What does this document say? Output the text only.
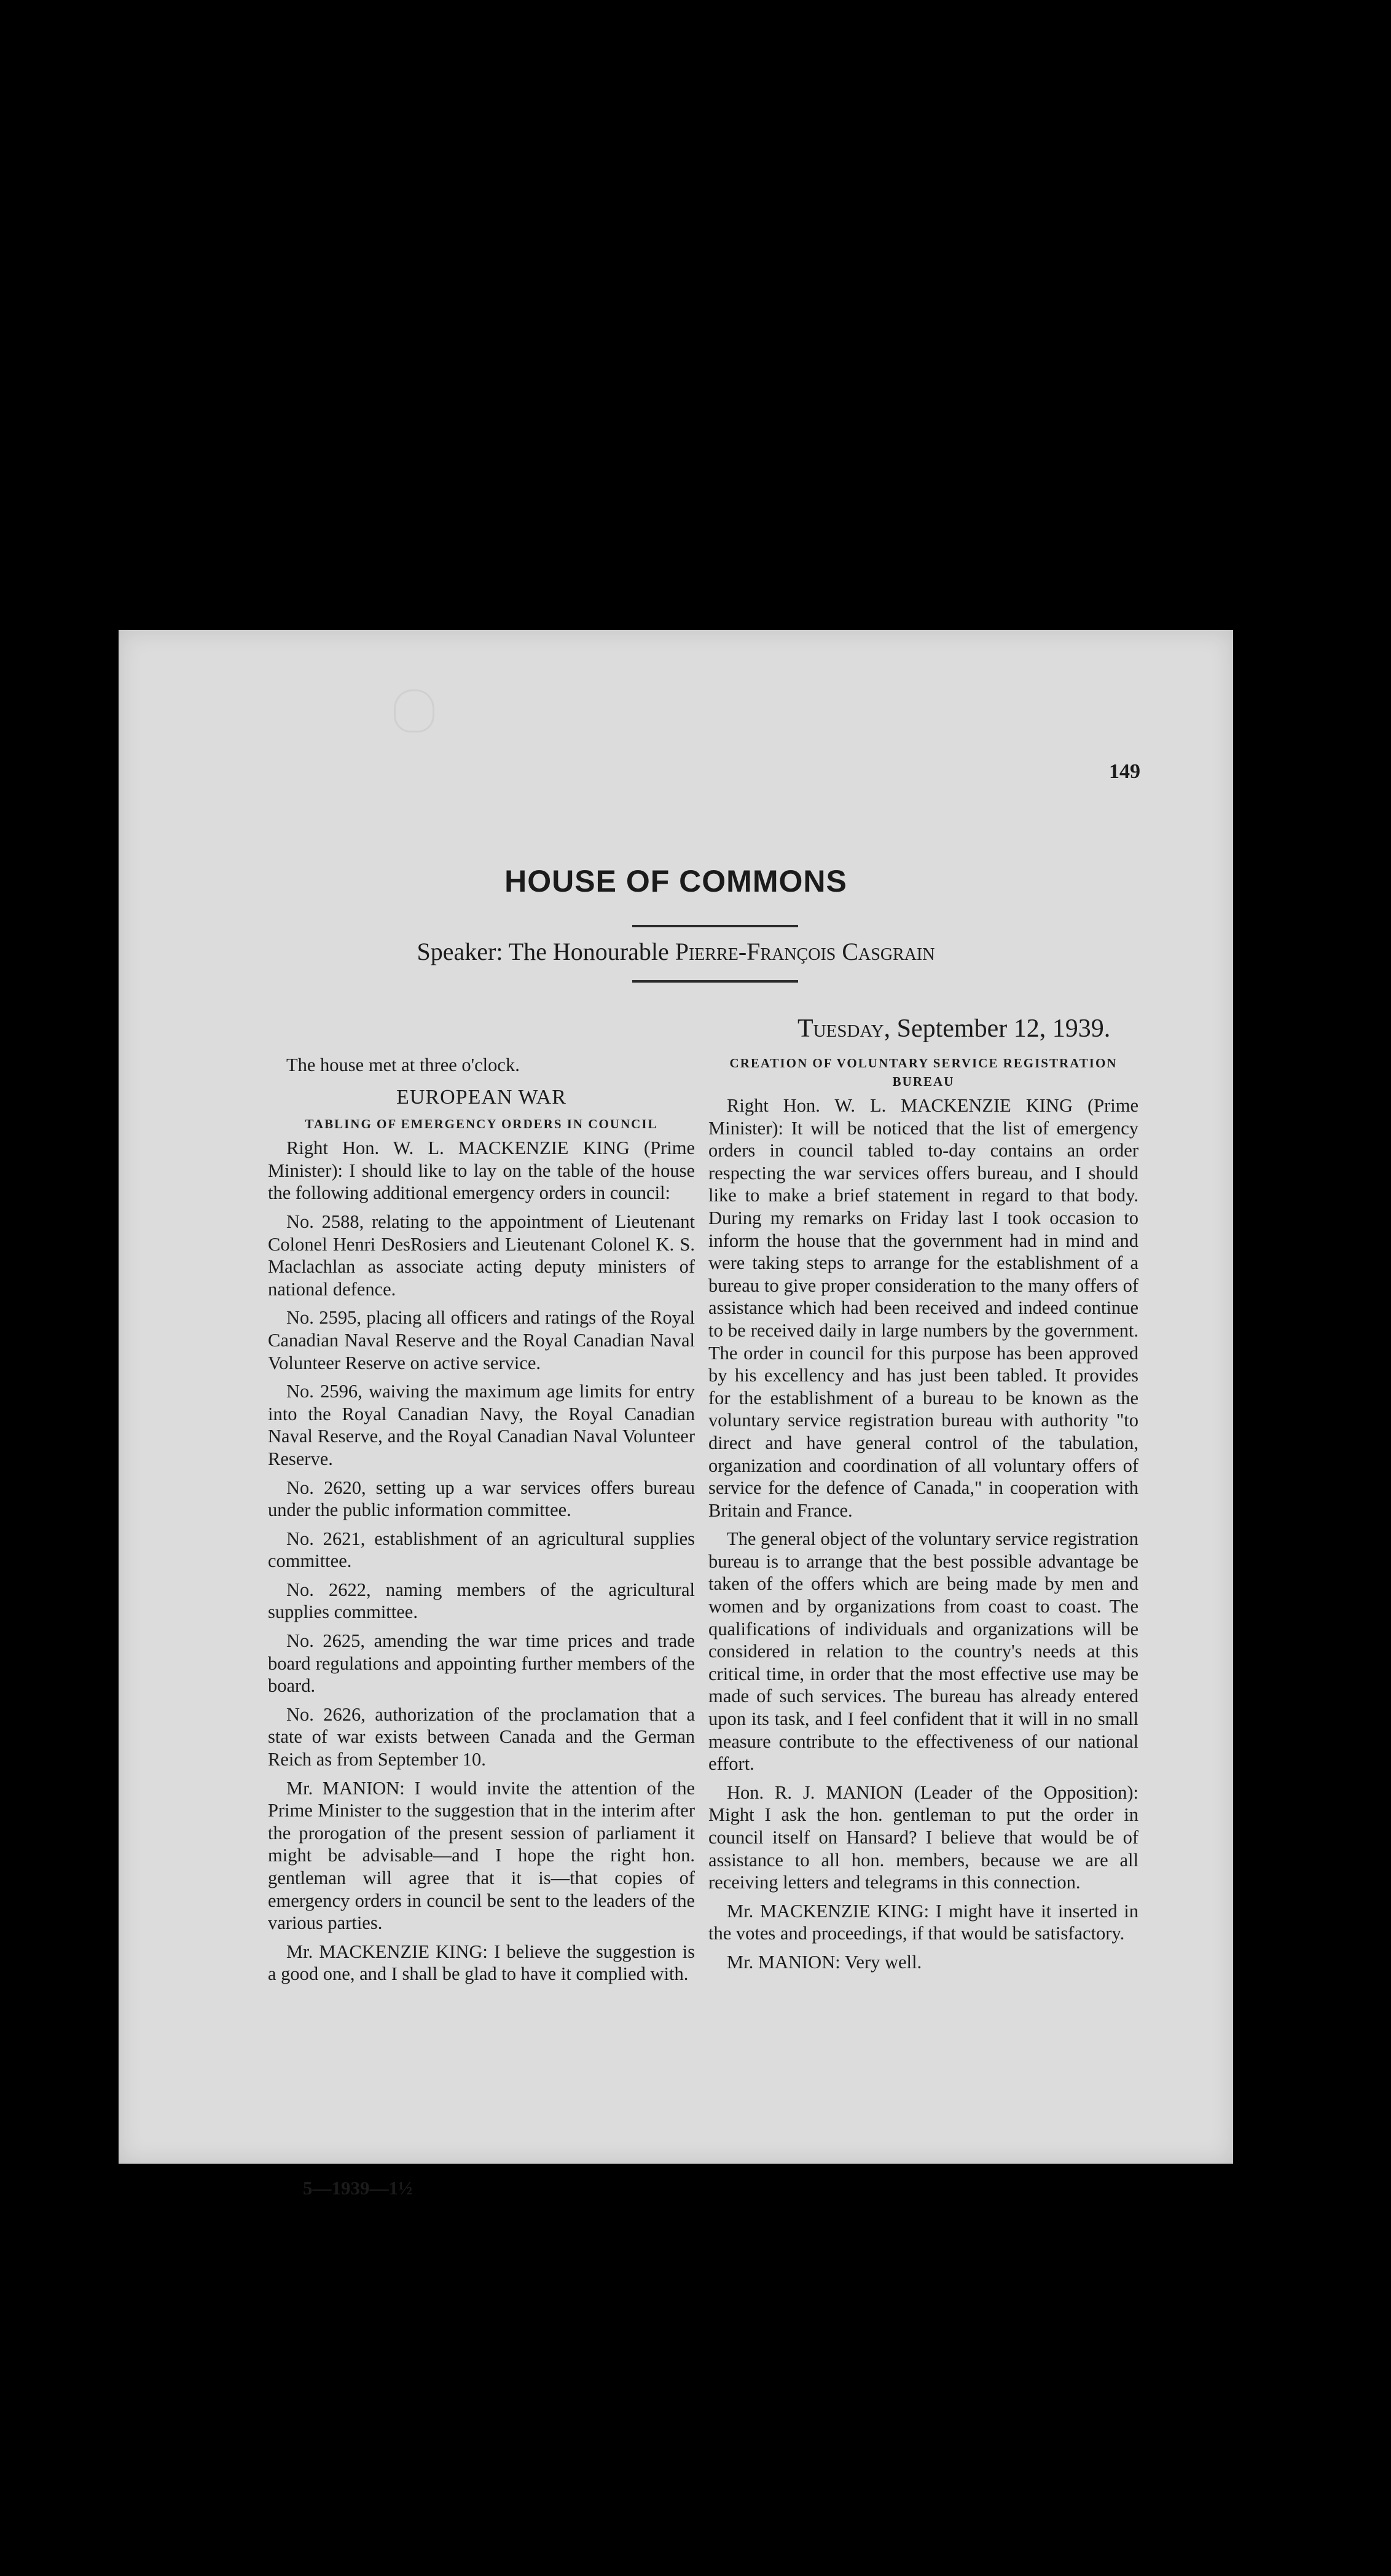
149
HOUSE OF COMMONS
Speaker: The Honourable Pierre-François Casgrain
Tuesday, September 12, 1939.

The house met at three o'clock.

EUROPEAN WAR
TABLING OF EMERGENCY ORDERS IN COUNCIL

Right Hon. W. L. MACKENZIE KING (Prime Minister): I should like to lay on the table of the house the following additional emergency orders in council:

No. 2588, relating to the appointment of Lieutenant Colonel Henri DesRosiers and Lieutenant Colonel K. S. Maclachlan as associate acting deputy ministers of national defence.

No. 2595, placing all officers and ratings of the Royal Canadian Naval Reserve and the Royal Canadian Naval Volunteer Reserve on active service.

No. 2596, waiving the maximum age limits for entry into the Royal Canadian Navy, the Royal Canadian Naval Reserve, and the Royal Canadian Naval Volunteer Reserve.

No. 2620, setting up a war services offers bureau under the public information committee.

No. 2621, establishment of an agricultural supplies committee.

No. 2622, naming members of the agricultural supplies committee.

No. 2625, amending the war time prices and trade board regulations and appointing further members of the board.

No. 2626, authorization of the proclamation that a state of war exists between Canada and the German Reich as from September 10.

Mr. MANION: I would invite the attention of the Prime Minister to the suggestion that in the interim after the prorogation of the present session of parliament it might be advisable—and I hope the right hon. gentleman will agree that it is—that copies of emergency orders in council be sent to the leaders of the various parties.

Mr. MACKENZIE KING: I believe the suggestion is a good one, and I shall be glad to have it complied with.

5—1939—1½
CREATION OF VOLUNTARY SERVICE REGISTRATION
BUREAU

Right Hon. W. L. MACKENZIE KING (Prime Minister): It will be noticed that the list of emergency orders in council tabled to-day contains an order respecting the war services offers bureau, and I should like to make a brief statement in regard to that body. During my remarks on Friday last I took occasion to inform the house that the government had in mind and were taking steps to arrange for the establishment of a bureau to give proper consideration to the many offers of assistance which had been received and indeed continue to be received daily in large numbers by the government. The order in council for this purpose has been approved by his excellency and has just been tabled. It provides for the establishment of a bureau to be known as the voluntary service registration bureau with authority "to direct and have general control of the tabulation, organization and coordination of all voluntary offers of service for the defence of Canada," in cooperation with Britain and France.

The general object of the voluntary service registration bureau is to arrange that the best possible advantage be taken of the offers which are being made by men and women and by organizations from coast to coast. The qualifications of individuals and organizations will be considered in relation to the country's needs at this critical time, in order that the most effective use may be made of such services. The bureau has already entered upon its task, and I feel confident that it will in no small measure contribute to the effectiveness of our national effort.

Hon. R. J. MANION (Leader of the Opposition): Might I ask the hon. gentleman to put the order in council itself on Hansard? I believe that would be of assistance to all hon. members, because we are all receiving letters and telegrams in this connection.

Mr. MACKENZIE KING: I might have it inserted in the votes and proceedings, if that would be satisfactory.

Mr. MANION: Very well.
